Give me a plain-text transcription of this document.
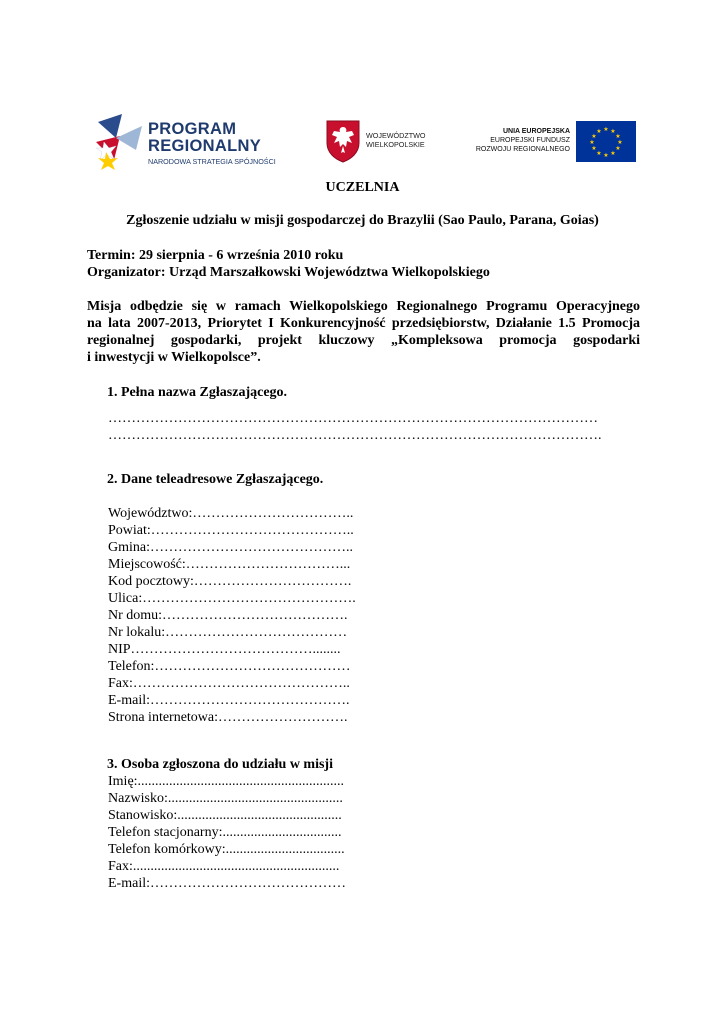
PROGRAM
REGIONALNY
NARODOWA STRATEGIA SPÓJNOŚCI
WOJEWÓDZTWO
WIELKOPOLSKIE
UNIA EUROPEJSKA
EUROPEJSKI FUNDUSZ
ROZWOJU REGIONALNEGO
★ ★
★
★
★
★
★
★
★
★
★
★
UCZELNIA
Zgłoszenie udziału w misji gospodarczej do Brazylii (Sao Paulo, Parana, Goias)
Termin: 29 sierpnia - 6 września 2010 roku
Organizator: Urząd Marszałkowski Województwa Wielkopolskiego
Misja odbędzie się w ramach Wielkopolskiego Regionalnego Programu Operacyjnego
na lata 2007-2013, Priorytet I Konkurencyjność przedsiębiorstw, Działanie 1.5 Promocja
regionalnej gospodarki, projekt kluczowy „Kompleksowa promocja gospodarki
i inwestycji w Wielkopolsce”.
1. Pełna nazwa Zgłaszającego.
……………………………………………………………………………………………
…………………………………………………………………………………………….
2. Dane teleadresowe Zgłaszającego.
Województwo:……………………………..
Powiat:……………………………………..
Gmina:……………………………………..
Miejscowość:……………………………...
Kod pocztowy:…………………………….
Ulica:……………………………………….
Nr domu:………………………………….
Nr lokalu:…………………………………
NIP…………………………………........
Telefon:……………………………………
Fax:………………………………………..
E-mail:…………………………………….
Strona internetowa:……………………….
3. Osoba zgłoszona do udziału w misji
Imię:...........................................................
Nazwisko:..................................................
Stanowisko:...............................................
Telefon stacjonarny:..................................
Telefon komórkowy:..................................
Fax:...........................................................
E-mail:……………………………………
